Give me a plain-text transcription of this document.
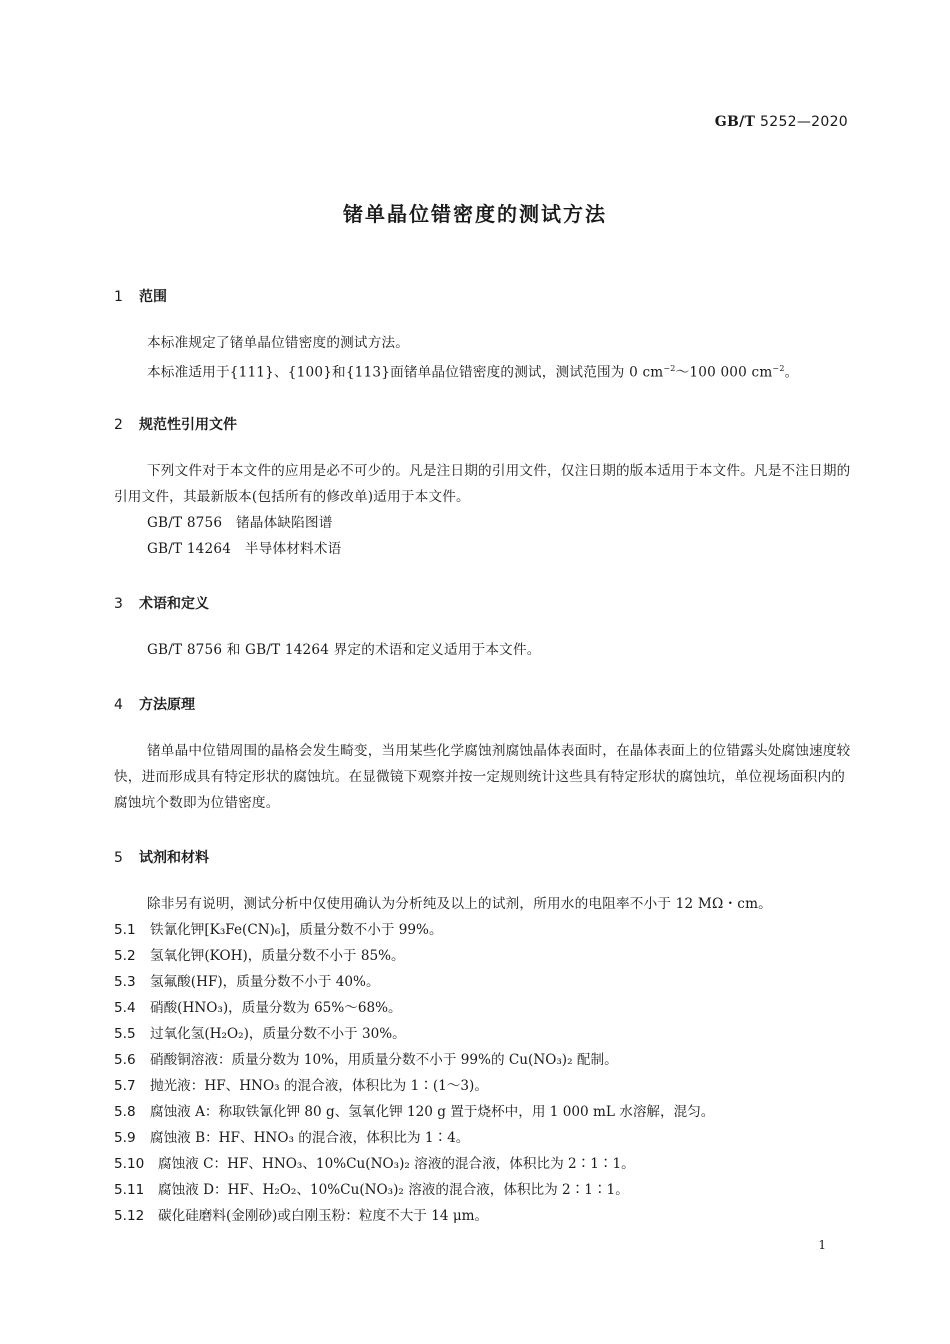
GB/T 5252—2020
锗单晶位错密度的测试方法
1 范围
本标准规定了锗单晶位错密度的测试方法。
本标准适用于{111}、{100}和{113}面锗单晶位错密度的测试，测试范围为 0 $cm^{-2}\sim 100$ 000 $cm^{-2}$。
2 规范性引用文件
下列文件对于本文件的应用是必不可少的。凡是注日期的引用文件，仅注日期的版本适用于本文件。凡是不注日期的引用文件，其最新版本(包括所有的修改单)适用于本文件。
GB/T 8756　锗晶体缺陷图谱
GB/T 14264　半导体材料术语
3 术语和定义
GB/T 8756 和 GB/T 14264 界定的术语和定义适用于本文件。
4 方法原理
锗单晶中位错周围的晶格会发生畸变，当用某些化学腐蚀剂腐蚀晶体表面时，在晶体表面上的位错露头处腐蚀速度较快，进而形成具有特定形状的腐蚀坑。在显微镜下观察并按一定规则统计这些具有特定形状的腐蚀坑，单位视场面积内的腐蚀坑个数即为位错密度。
5 试剂和材料
除非另有说明，测试分析中仅使用确认为分析纯及以上的试剂，所用水的电阻率不小于 12 MΩ・cm。
5.1 铁氰化钾[K₃Fe(CN)₆]，质量分数不小于 99%。
5.2 氢氧化钾(KOH)，质量分数不小于 85%。
5.3 氢氟酸(HF)，质量分数不小于 40%。
5.4 硝酸(HNO₃)，质量分数为 65%～68%。
5.5 过氧化氢(H₂O₂)，质量分数不小于 30%。
5.6 硝酸铜溶液：质量分数为 10%，用质量分数不小于 99%的 Cu(NO₃)₂ 配制。
5.7 抛光液：HF、HNO₃ 的混合液，体积比为 1∶(1～3)。
5.8 腐蚀液 A：称取铁氰化钾 80 g、氢氧化钾 120 g 置于烧杯中，用 1 000 mL 水溶解，混匀。
5.9 腐蚀液 B：HF、HNO₃ 的混合液，体积比为 1∶4。
5.10 腐蚀液 C：HF、HNO₃、10%Cu(NO₃)₂ 溶液的混合液，体积比为 2∶1∶1。
5.11 腐蚀液 D：HF、H₂O₂、10%Cu(NO₃)₂ 溶液的混合液，体积比为 2∶1∶1。
5.12 碳化硅磨料(金刚砂)或白刚玉粉：粒度不大于 14 μm。
1
